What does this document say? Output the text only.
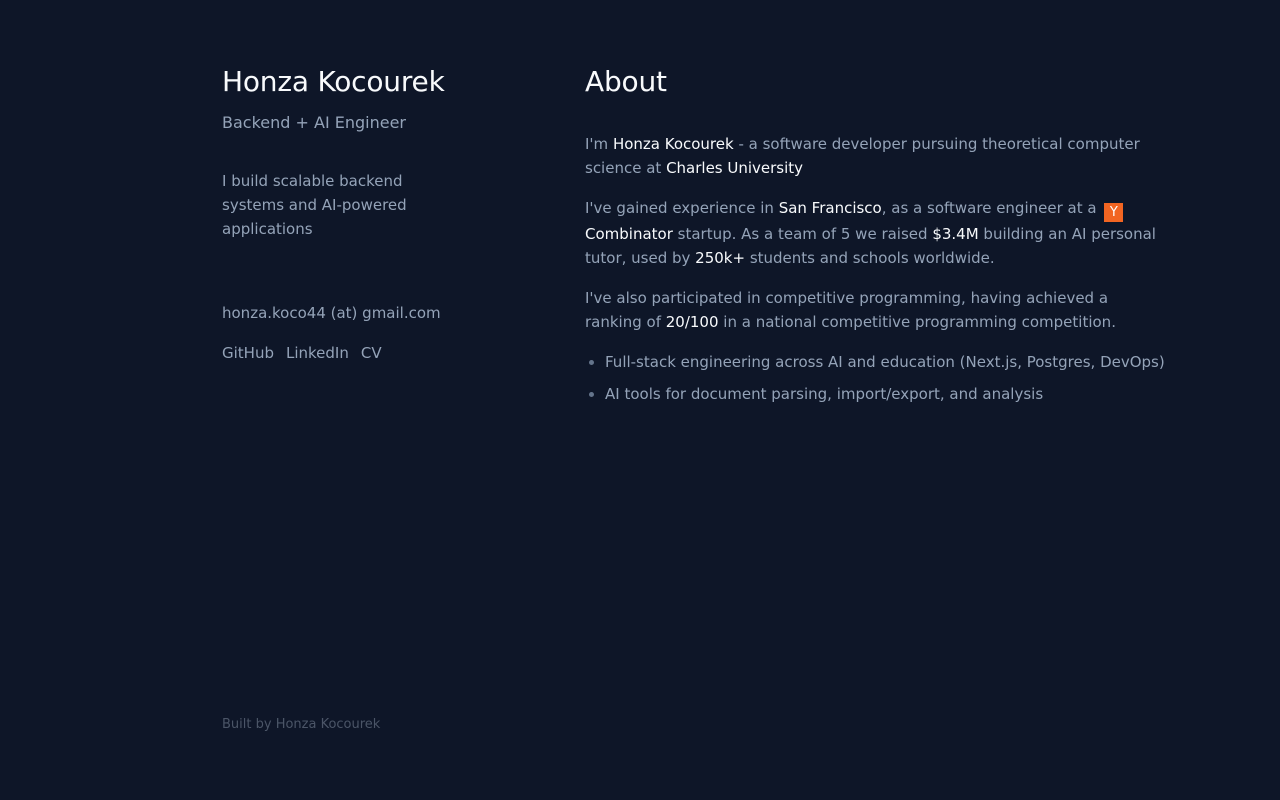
Honza Kocourek
Backend + AI Engineer
I build scalable backend systems and AI-powered applications
honza.koco44 (at) gmail.com
GitHub LinkedIn CV
About

I'm Honza Kocourek - a software developer pursuing theoretical computer science at Charles University

I've gained experience in San Francisco, as a software engineer at a YCombinator startup. As a team of 5 we raised $3.4M building an AI personal tutor, used by 250k+ students and schools worldwide.

I've also participated in competitive programming, having achieved a ranking of 20/100 in a national competitive programming competition.

• Full-stack engineering across AI and education (Next.js, Postgres, DevOps)
• AI tools for document parsing, import/export, and analysis
Built by Honza Kocourek
